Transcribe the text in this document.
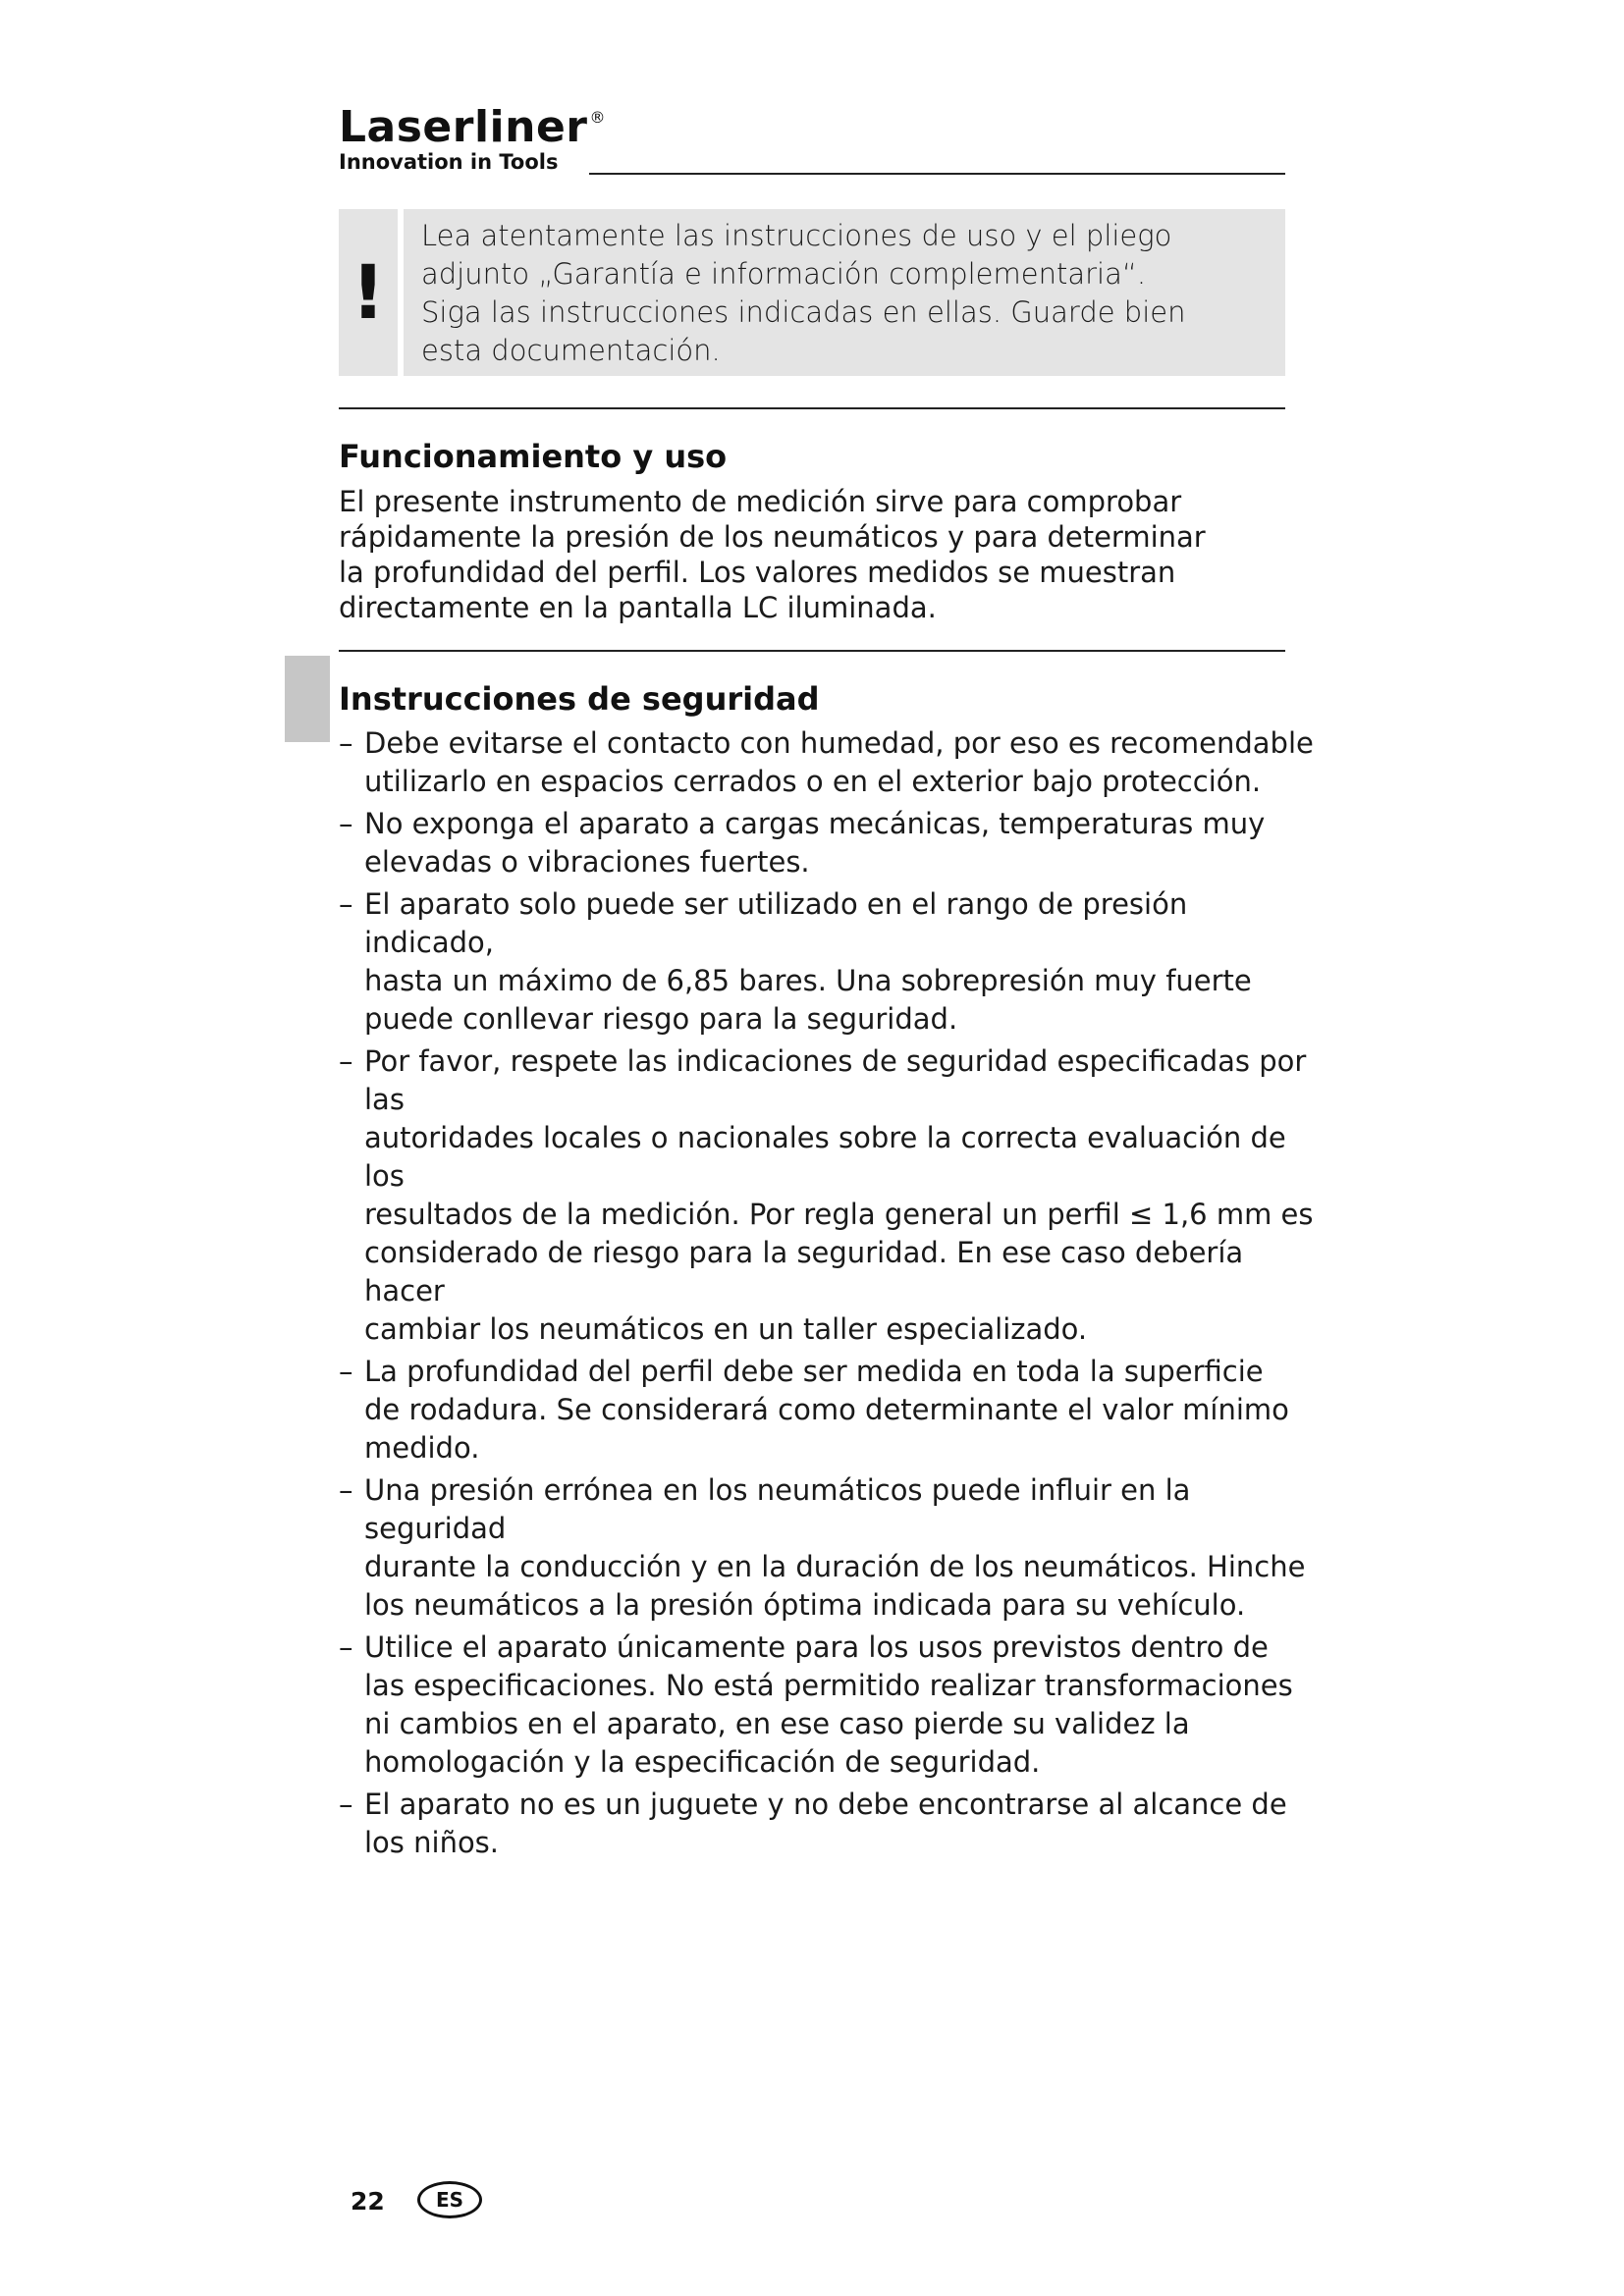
Laserliner ®
Innovation in Tools
!

Lea atentamente las instrucciones de uso y el pliego

adjunto „Garantía e información complementaria“.

Siga las instrucciones indicadas en ellas. Guarde bien

esta documentación.

Funcionamiento y uso

El presente instrumento de medición sirve para comprobar

rápidamente la presión de los neumáticos y para determinar

la profundidad del perfil. Los valores medidos se muestran

directamente en la pantalla LC iluminada.

Instrucciones de seguridad
– Debe evitarse el contacto con humedad, por eso es recomendable
utilizarlo en espacios cerrados o en el exterior bajo protección.
– No exponga el aparato a cargas mecánicas, temperaturas muy
elevadas o vibraciones fuertes.
– El aparato solo puede ser utilizado en el rango de presión indicado,
hasta un máximo de 6,85 bares. Una sobrepresión muy fuerte
puede conllevar riesgo para la seguridad.
– Por favor, respete las indicaciones de seguridad especificadas por las
autoridades locales o nacionales sobre la correcta evaluación de los
resultados de la medición. Por regla general un perfil ≤ 1,6 mm es
considerado de riesgo para la seguridad. En ese caso debería hacer
cambiar los neumáticos en un taller especializado.
– La profundidad del perfil debe ser medida en toda la superficie
de rodadura. Se considerará como determinante el valor mínimo
medido.
– Una presión errónea en los neumáticos puede influir en la seguridad
durante la conducción y en la duración de los neumáticos. Hinche
los neumáticos a la presión óptima indicada para su vehículo.
– Utilice el aparato únicamente para los usos previstos dentro de
las especificaciones. No está permitido realizar transformaciones
ni cambios en el aparato, en ese caso pierde su validez la
homologación y la especificación de seguridad.
– El aparato no es un juguete y no debe encontrarse al alcance de
los niños.
22	ES
